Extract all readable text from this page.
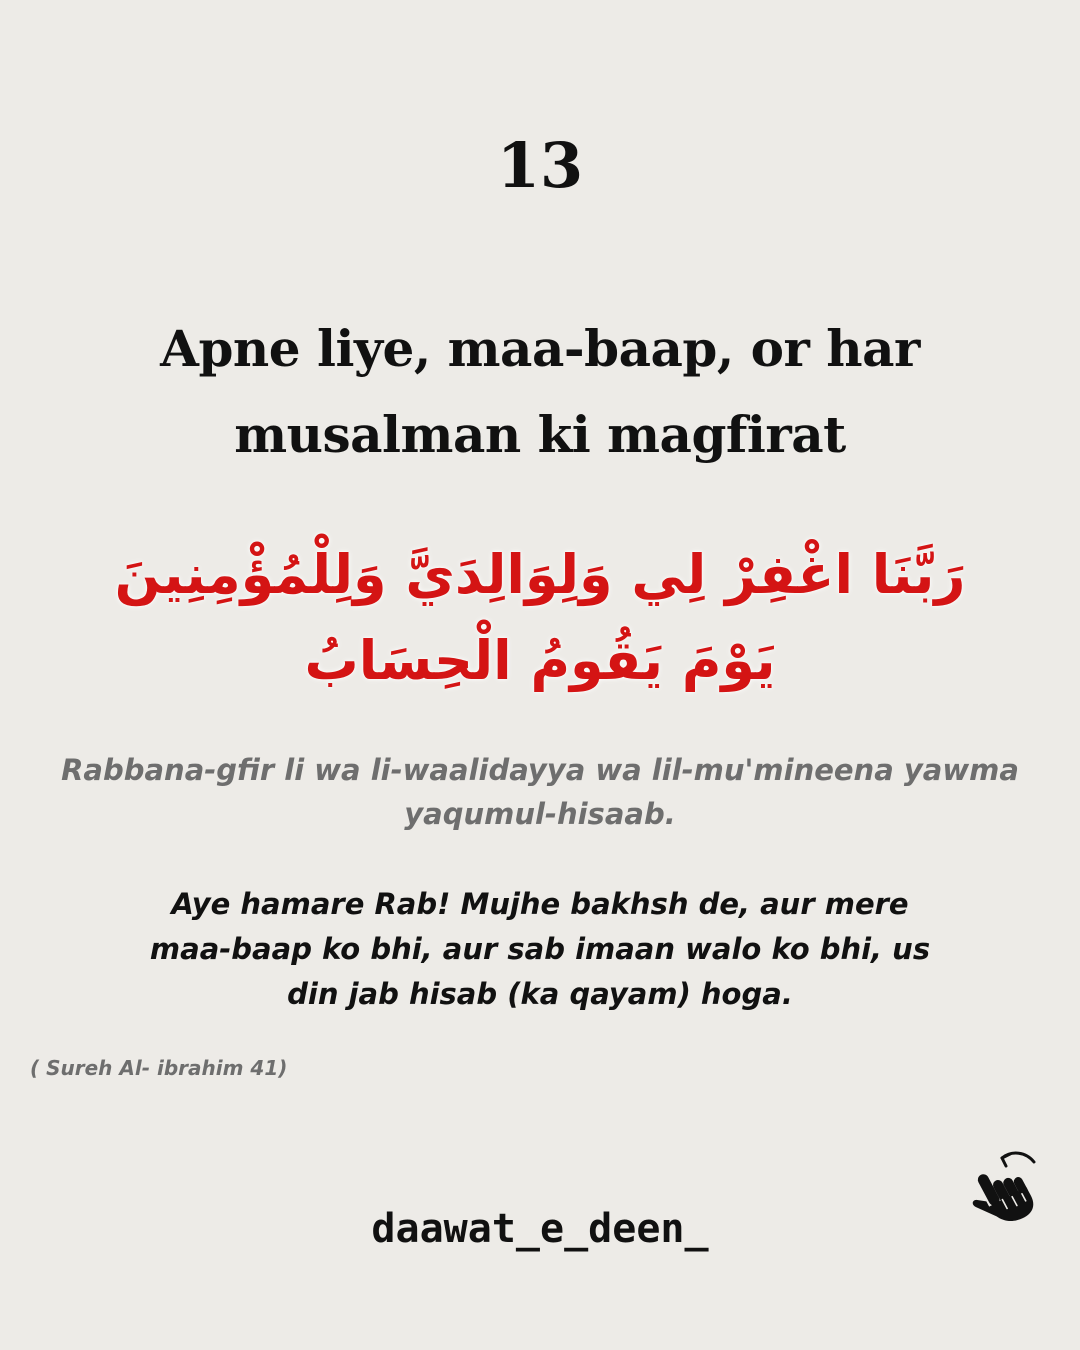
13
Apne liye, maa-baap, or har musalman ki magfirat
رَبَّنَا اغْفِرْ لِي وَلِوَالِدَيَّ وَلِلْمُؤْمِنِينَ يَوْمَ يَقُومُ الْحِسَابُ
Rabbana-gfir li wa li-waalidayya wa lil-mu'mineena yawma yaqumul-hisaab.
Aye hamare Rab! Mujhe bakhsh de, aur mere maa-baap ko bhi, aur sab imaan walo ko bhi, us din jab hisab (ka qayam) hoga.
( Sureh Al- ibrahim 41)
daawat_e_deen_
